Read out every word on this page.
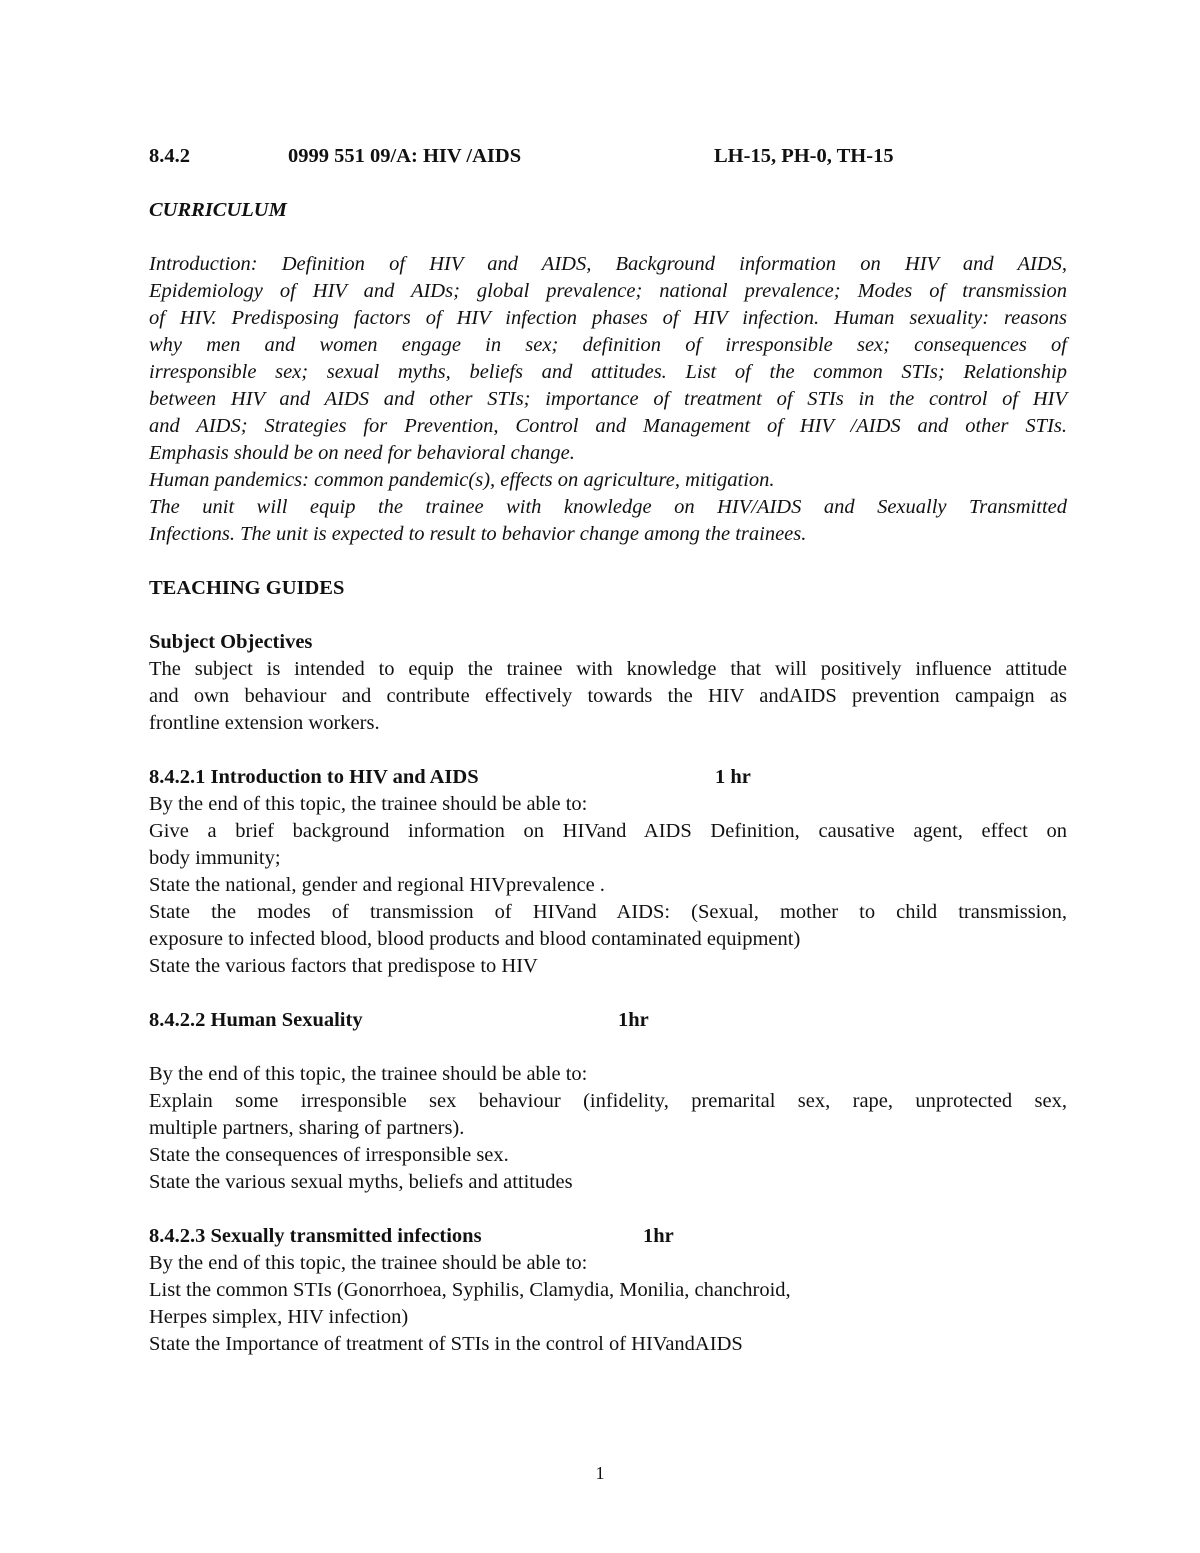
8.4.2	0999 551 09/A: HIV /AIDS	LH-15, PH-0, TH-15
CURRICULUM
Introduction: Definition of HIV and AIDS, Background information on HIV and AIDS,
Epidemiology of HIV and AIDs; global prevalence; national prevalence; Modes of transmission
of HIV. Predisposing factors of HIV infection phases of HIV infection. Human sexuality: reasons
why men and women engage in sex; definition of irresponsible sex; consequences of
irresponsible sex; sexual myths, beliefs and attitudes. List of the common STIs; Relationship
between HIV and AIDS and other STIs; importance of treatment of STIs in the control of HIV
and AIDS; Strategies for Prevention, Control and Management of HIV /AIDS and other STIs.
Emphasis should be on need for behavioral change.
Human pandemics: common pandemic(s), effects on agriculture, mitigation.
The unit will equip the trainee with knowledge on HIV/AIDS and Sexually Transmitted
Infections. The unit is expected to result to behavior change among the trainees.
TEACHING GUIDES
Subject Objectives
The subject is intended to equip the trainee with knowledge that will positively influence attitude
and own behaviour and contribute effectively towards the HIV andAIDS prevention campaign as
frontline extension workers.
8.4.2.1 Introduction to HIV and AIDS	1 hr
By the end of this topic, the trainee should be able to:
Give a brief background information on HIVand AIDS Definition, causative agent, effect on
body immunity;
State the national, gender and regional HIVprevalence .
State the modes of transmission of HIVand AIDS: (Sexual, mother to child transmission,
exposure to infected blood, blood products and blood contaminated equipment)
State the various factors that predispose to HIV
8.4.2.2 Human Sexuality	1hr
By the end of this topic, the trainee should be able to:
Explain some irresponsible sex behaviour (infidelity, premarital sex, rape, unprotected sex,
multiple partners, sharing of partners).
State the consequences of irresponsible sex.
State the various sexual myths, beliefs and attitudes
8.4.2.3 Sexually transmitted infections	1hr
By the end of this topic, the trainee should be able to:
List the common STIs (Gonorrhoea, Syphilis, Clamydia, Monilia, chanchroid,
Herpes simplex, HIV infection)
State the Importance of treatment of STIs in the control of HIVandAIDS
1
